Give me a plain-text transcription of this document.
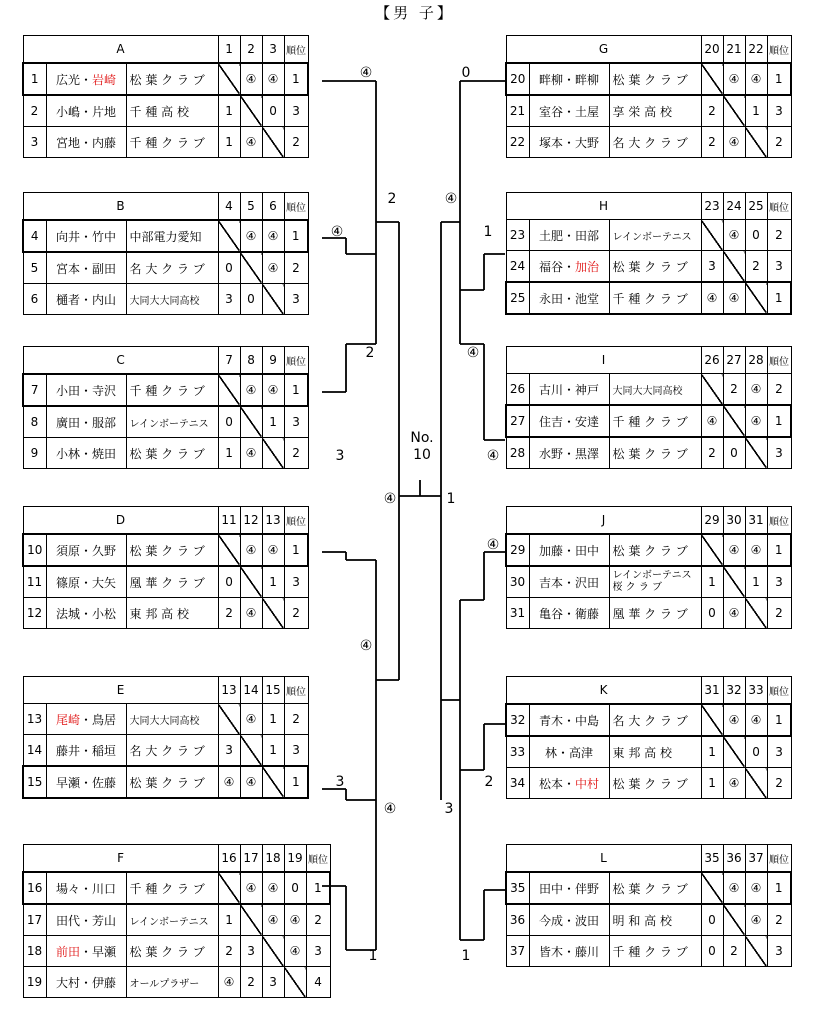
【男 子】
A			1	2	3	順位
1	広光・岩崎	松 葉 ク ラ ブ		④	④	1
2	小嶋・片地	千 種 高 校	1		0	3
3	宮地・内藤	千 種 ク ラ ブ	1	④		2
B			4	5	6	順位
4	向井・竹中	中部電力愛知		④	④	1
5	宮本・副田	名 大 ク ラ ブ	0		④	2
6	樋者・内山	大同大大同高校	3	0		3
C			7	8	9	順位
7	小田・寺沢	千 種 ク ラ ブ		④	④	1
8	廣田・服部	レインボーテニス	0		1	3
9	小林・焼田	松 葉 ク ラ ブ	1	④		2
D			11	12	13	順位
10	須原・久野	松 葉 ク ラ ブ		④	④	1
11	篠原・大矢	凰 華 ク ラ ブ	0		1	3
12	法城・小松	東 邦 高 校	2	④		2
E			13	14	15	順位
13	尾崎・鳥居	大同大大同高校		④	1	2
14	藤井・稲垣	名 大 ク ラ ブ	3		1	3
15	早瀬・佐藤	松 葉 ク ラ ブ	④	④		1
F			16	17	18	19	順位
16	場々・川口	千 種 ク ラ ブ		④	④	0	1
17	田代・芳山	レインボーテニス	1		④	④	2
18	前田・早瀬	松 葉 ク ラ ブ	2	3		④	3
19	大村・伊藤	オールプラザー	④	2	3		4
G			20	21	22	順位
20	畔柳・畔柳	松 葉 ク ラ ブ		④	④	1
21	室谷・土屋	享 栄 高 校	2		1	3
22	塚本・大野	名 大 ク ラ ブ	2	④		2
H			23	24	25	順位
23	土肥・田部	レインボーテニス		④	0	2
24	福谷・加治	松 葉 ク ラ ブ	3		2	3
25	永田・池堂	千 種 ク ラ ブ	④	④		1
I			26	27	28	順位
26	古川・神戸	大同大大同高校		2	④	2
27	住吉・安達	千 種 ク ラ ブ	④		④	1
28	水野・黒澤	松 葉 ク ラ ブ	2	0		3
J			29	30	31	順位
29	加藤・田中	松 葉 ク ラ ブ		④	④	1
30	吉本・沢田	レインボーテニス
桜 ク ラ ブ	1		1	3
31	亀谷・衛藤	凰 華 ク ラ ブ	0	④		2
K			31	32	33	順位
32	青木・中島	名 大 ク ラ ブ		④	④	1
33	林・高津	東 邦 高 校	1		0	3
34	松本・中村	松 葉 ク ラ ブ	1	④		2
L			35	36	37	順位
35	田中・伴野	松 葉 ク ラ ブ		④	④	1
36	今成・波田	明 和 高 校	0		④	2
37	皆木・藤川	千 種 ク ラ ブ	0	2		3
④
2
④
2
3
④
④
3
④
1
0
④
1
④
④
1
④
2
3
1
No.
10
